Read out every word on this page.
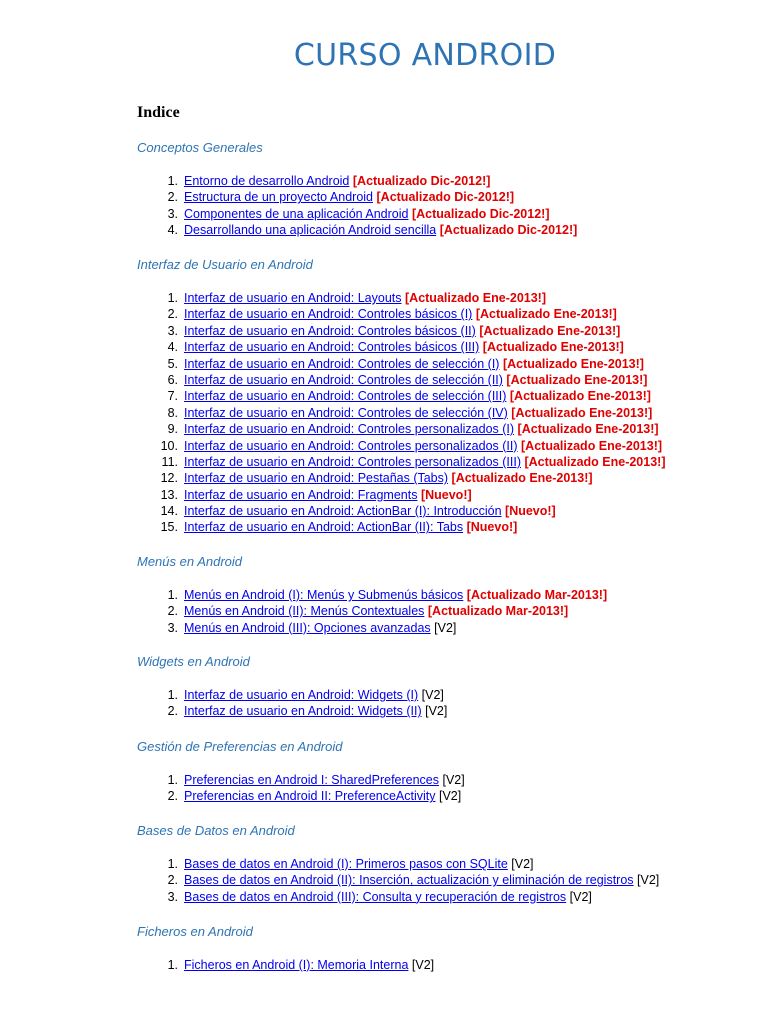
CURSO ANDROID
Indice
Conceptos Generales
1. Entorno de desarrollo Android [Actualizado Dic-2012!]
2. Estructura de un proyecto Android [Actualizado Dic-2012!]
3. Componentes de una aplicación Android [Actualizado Dic-2012!]
4. Desarrollando una aplicación Android sencilla [Actualizado Dic-2012!]
Interfaz de Usuario en Android
1. Interfaz de usuario en Android: Layouts [Actualizado Ene-2013!]
2. Interfaz de usuario en Android: Controles básicos (I) [Actualizado Ene-2013!]
3. Interfaz de usuario en Android: Controles básicos (II) [Actualizado Ene-2013!]
4. Interfaz de usuario en Android: Controles básicos (III) [Actualizado Ene-2013!]
5. Interfaz de usuario en Android: Controles de selección (I) [Actualizado Ene-2013!]
6. Interfaz de usuario en Android: Controles de selección (II) [Actualizado Ene-2013!]
7. Interfaz de usuario en Android: Controles de selección (III) [Actualizado Ene-2013!]
8. Interfaz de usuario en Android: Controles de selección (IV) [Actualizado Ene-2013!]
9. Interfaz de usuario en Android: Controles personalizados (I) [Actualizado Ene-2013!]
10. Interfaz de usuario en Android: Controles personalizados (II) [Actualizado Ene-2013!]
11. Interfaz de usuario en Android: Controles personalizados (III) [Actualizado Ene-2013!]
12. Interfaz de usuario en Android: Pestañas (Tabs) [Actualizado Ene-2013!]
13. Interfaz de usuario en Android: Fragments [Nuevo!]
14. Interfaz de usuario en Android: ActionBar (I): Introducción [Nuevo!]
15. Interfaz de usuario en Android: ActionBar (II): Tabs [Nuevo!]
Menús en Android
1. Menús en Android (I): Menús y Submenús básicos [Actualizado Mar-2013!]
2. Menús en Android (II): Menús Contextuales [Actualizado Mar-2013!]
3. Menús en Android (III): Opciones avanzadas [V2]
Widgets en Android
1. Interfaz de usuario en Android: Widgets (I) [V2]
2. Interfaz de usuario en Android: Widgets (II) [V2]
Gestión de Preferencias en Android
1. Preferencias en Android I: SharedPreferences [V2]
2. Preferencias en Android II: PreferenceActivity [V2]
Bases de Datos en Android
1. Bases de datos en Android (I): Primeros pasos con SQLite [V2]
2. Bases de datos en Android (II): Inserción, actualización y eliminación de registros [V2]
3. Bases de datos en Android (III): Consulta y recuperación de registros [V2]
Ficheros en Android
1. Ficheros en Android (I): Memoria Interna [V2]
